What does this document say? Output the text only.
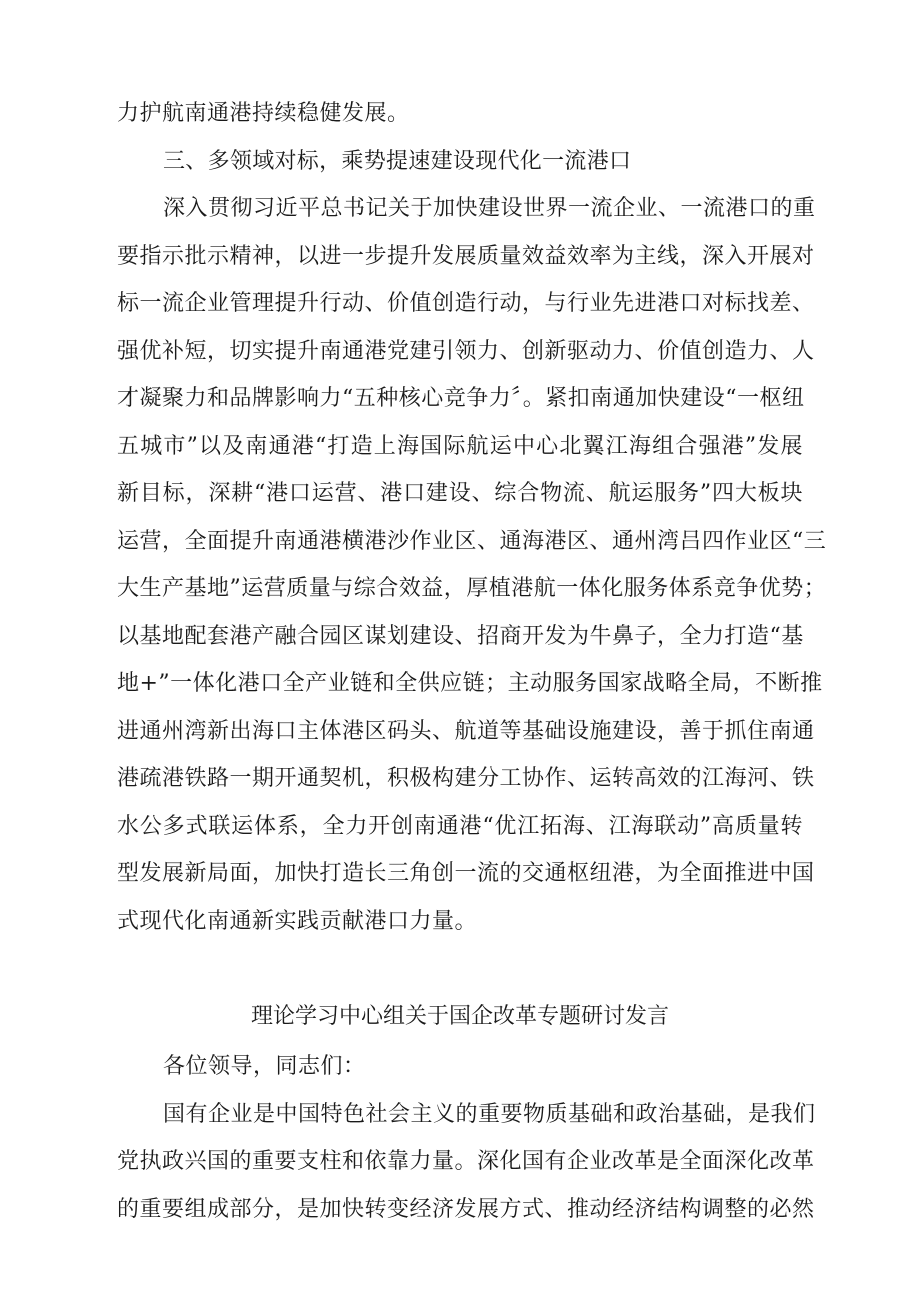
力护航南通港持续稳健发展。
三、多领域对标，乘势提速建设现代化一流港口
深入贯彻习近平总书记关于加快建设世界一流企业、一流港口的重
要指示批示精神，以进一步提升发展质量效益效率为主线，深入开展对
标一流企业管理提升行动、价值创造行动，与行业先进港口对标找差、
强优补短，切实提升南通港党建引领力、创新驱动力、价值创造力、人
才凝聚力和品牌影响力“五种核心竞争力〞。紧扣南通加快建设“一枢纽
五城市”以及南通港“打造上海国际航运中心北翼江海组合强港”发展
新目标，深耕“港口运营、港口建设、综合物流、航运服务”四大板块
运营，全面提升南通港横港沙作业区、通海港区、通州湾吕四作业区“三
大生产基地”运营质量与综合效益，厚植港航一体化服务体系竞争优势；
以基地配套港产融合园区谋划建设、招商开发为牛鼻子，全力打造“基
地+”一体化港口全产业链和全供应链；主动服务国家战略全局，不断推
进通州湾新出海口主体港区码头、航道等基础设施建设，善于抓住南通
港疏港铁路一期开通契机，积极构建分工协作、运转高效的江海河、铁
水公多式联运体系，全力开创南通港“优江拓海、江海联动”高质量转
型发展新局面，加快打造长三角创一流的交通枢纽港，为全面推进中国
式现代化南通新实践贡献港口力量。
理论学习中心组关于国企改革专题研讨发言
各位领导，同志们：
国有企业是中国特色社会主义的重要物质基础和政治基础，是我们
党执政兴国的重要支柱和依靠力量。深化国有企业改革是全面深化改革
的重要组成部分，是加快转变经济发展方式、推动经济结构调整的必然
